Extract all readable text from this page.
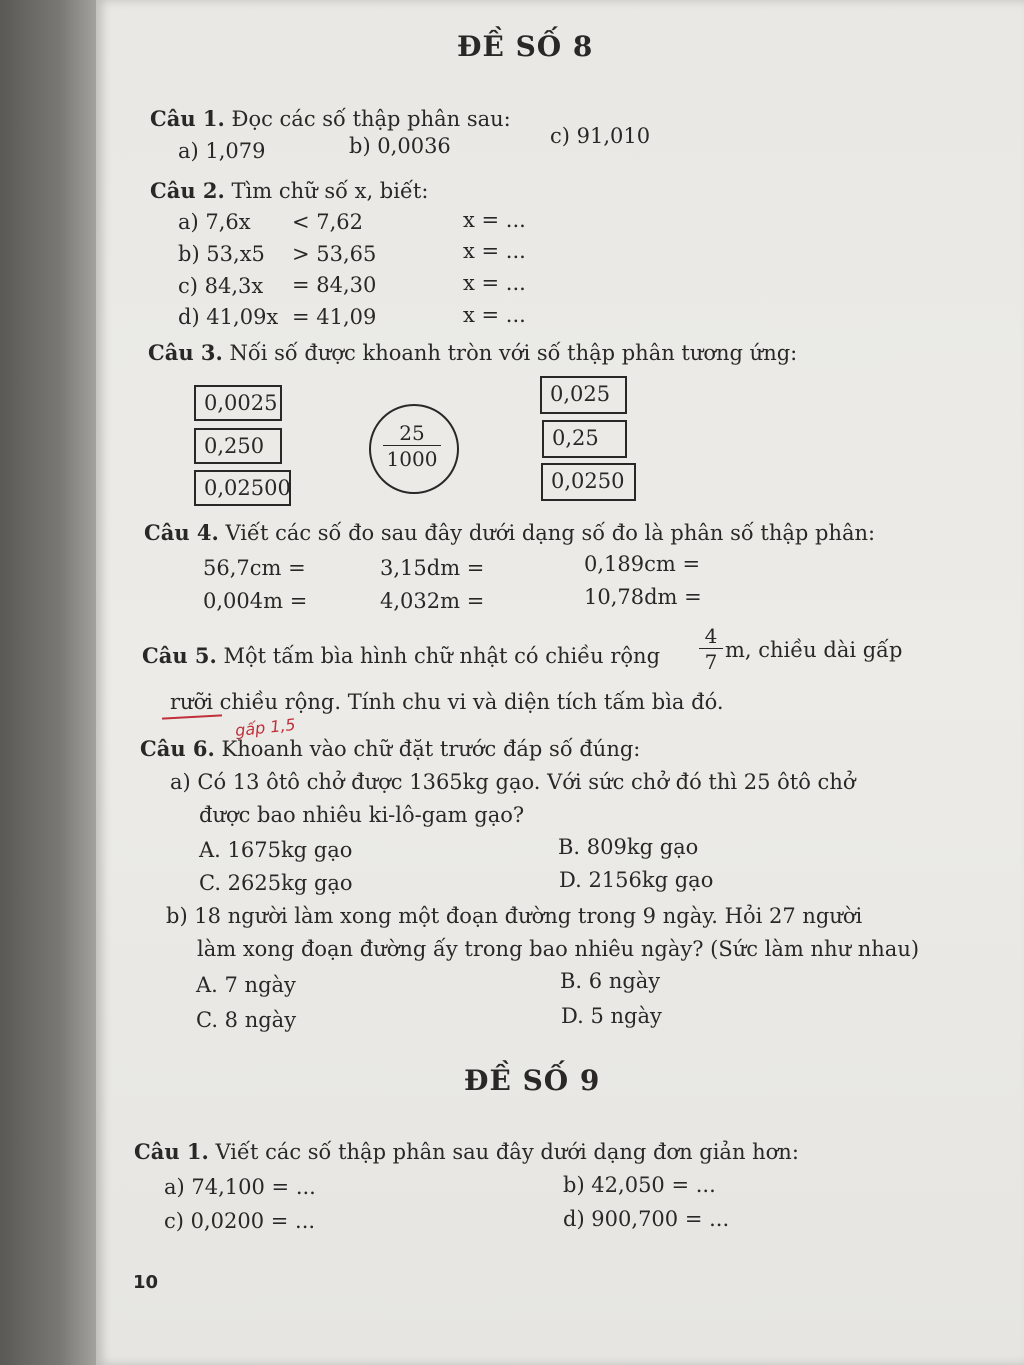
ĐỀ SỐ 8
Câu 1. Đọc các số thập phân sau:
a) 1,079	b) 0,0036	c) 91,010
Câu 2. Tìm chữ số x, biết:
a) 7,6x < 7,62	x = ...
b) 53,x5 > 53,65	x = ...
c) 84,3x = 84,30	x = ...
d) 41,09x = 41,09	x = ...
Câu 3. Nối số được khoanh tròn với số thập phân tương ứng:
0,0025
0,250
0,02500
$\frac{25}{1000}$
0,025
0,25
0,0250
Câu 4. Viết các số đo sau đây dưới dạng số đo là phân số thập phân:
56,7cm =	3,15dm =	0,189cm =
0,004m =	4,032m =	10,78dm =
Câu 5. Một tấm bìa hình chữ nhật có chiều rộng $\frac{4}{7} m$, chiều dài gấp
rưỡi chiều rộng. Tính chu vi và diện tích tấm bìa đó.
gấp 1,5
Câu 6. Khoanh vào chữ đặt trước đáp số đúng:
a) Có 13 ôtô chở được 1365kg gạo. Với sức chở đó thì 25 ôtô chở
được bao nhiêu ki-lô-gam gạo?
A. 1675kg gạo	B. 809kg gạo
C. 2625kg gạo	D. 2156kg gạo
b) 18 người làm xong một đoạn đường trong 9 ngày. Hỏi 27 người
làm xong đoạn đường ấy trong bao nhiêu ngày? (Sức làm như nhau)
A. 7 ngày	B. 6 ngày
C. 8 ngày	D. 5 ngày
ĐỀ SỐ 9
Câu 1. Viết các số thập phân sau đây dưới dạng đơn giản hơn:
a) 74,100 = ...	b) 42,050 = ...
c) 0,0200 = ...	d) 900,700 = ...
10
